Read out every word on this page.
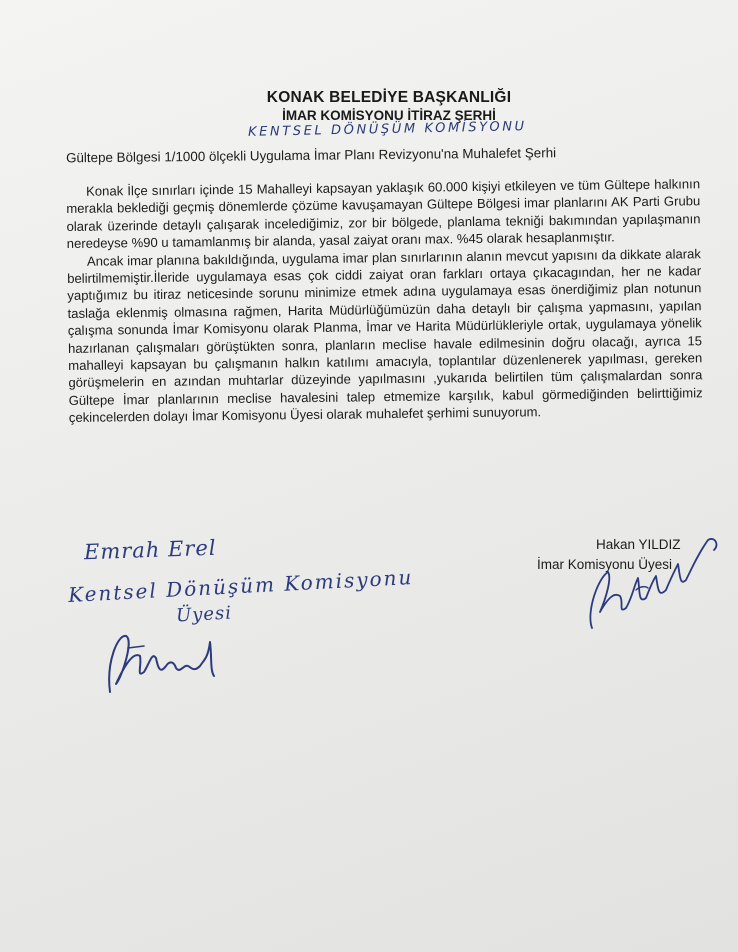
KONAK BELEDİYE BAŞKANLIĞI
İMAR KOMİSYONU İTİRAZ ŞERHİ
KENTSEL DÖNÜŞÜM KOMİSYONU
Gültepe Bölgesi 1/1000 ölçekli Uygulama İmar Planı Revizyonu'na Muhalefet Şerhi

Konak İlçe sınırları içinde 15 Mahalleyi kapsayan yaklaşık 60.000 kişiyi etkileyen ve tüm Gültepe halkının merakla beklediği geçmiş dönemlerde çözüme kavuşamayan Gültepe Bölgesi imar planlarını AK Parti Grubu olarak üzerinde detaylı çalışarak incelediğimiz, zor bir bölgede, planlama tekniği bakımından yapılaşmanın neredeyse %90 u tamamlanmış bir alanda, yasal zaiyat oranı max. %45 olarak hesaplanmıştır.

Ancak imar planına bakıldığında, uygulama imar plan sınırlarının alanın mevcut yapısını da dikkate alarak belirtilmemiştir.İleride uygulamaya esas çok ciddi zaiyat oran farkları ortaya çıkacagından, her ne kadar yaptığımız bu itiraz neticesinde sorunu minimize etmek adına uygulamaya esas önerdiğimiz plan notunun taslağa eklenmiş olmasına rağmen, Harita Müdürlüğümüzün daha detaylı bir çalışma yapmasını, yapılan çalışma sonunda İmar Komisyonu olarak Planma, İmar ve Harita Müdürlükleriyle ortak, uygulamaya yönelik hazırlanan çalışmaları görüştükten sonra, planların meclise havale edilmesinin doğru olacağı, ayrıca 15 mahalleyi kapsayan bu çalışmanın halkın katılımı amacıyla, toplantılar düzenlenerek yapılması, gereken görüşmelerin en azından muhtarlar düzeyinde yapılmasını ,yukarıda belirtilen tüm çalışmalardan sonra Gültepe İmar planlarının meclise havalesini talep etmemize karşılık, kabul görmediğinden belirttiğimiz çekincelerden dolayı İmar Komisyonu Üyesi olarak muhalefet şerhimi sunuyorum.

Emrah Erel
Kentsel Dönüşüm Komisyonu
Üyesi
Hakan YILDIZ
İmar Komisyonu Üyesi
